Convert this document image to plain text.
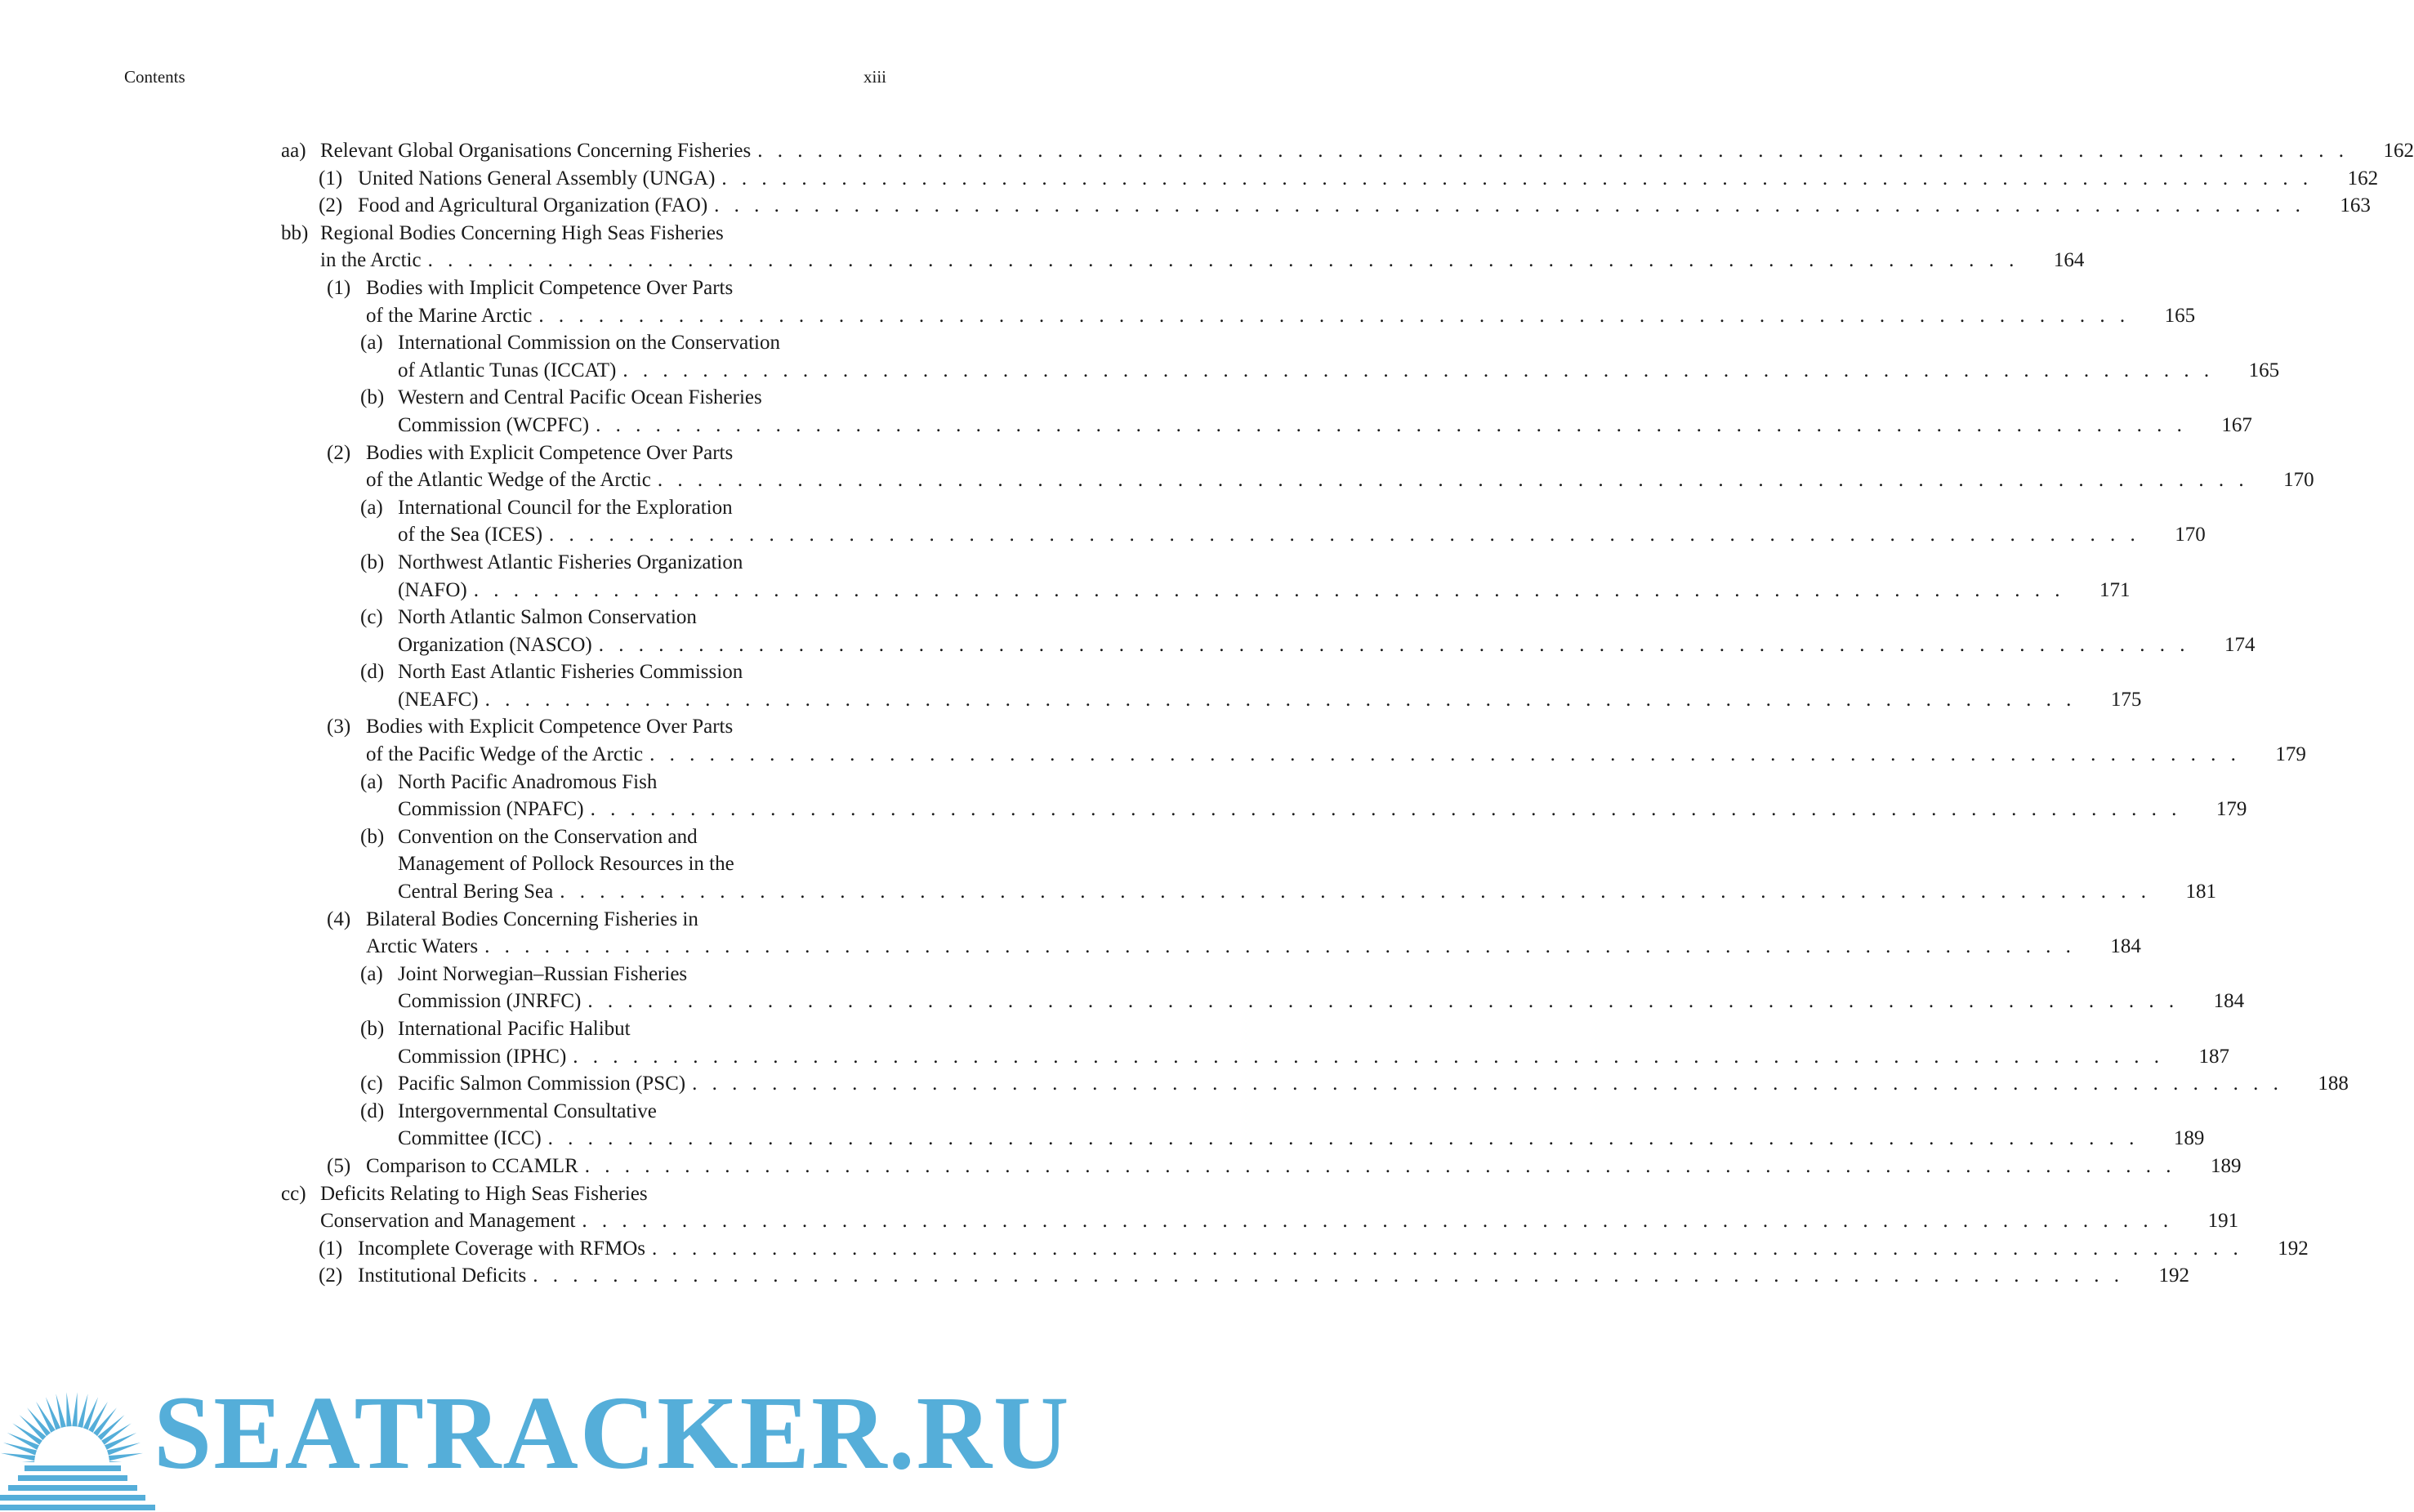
Contents	xiii
aa) Relevant Global Organisations Concerning Fisheries . . . . . . . . . . . . . . . . . . . . . . . . . . . . . . . . . . . . . . . . . . . . . . . . . . . . . . . . . . . . . . . . . . . . . . . . . . . . . . . .	162
(1) United Nations General Assembly (UNGA) . . . . . . . . . . . . . . . . . . . . . . . . . . . . . . . . . . . . . . . . . . . . . . . . . . . . . . . . . . . . . . . . . . . . . . . . . . . . . . . .	162
(2) Food and Agricultural Organization (FAO) . . . . . . . . . . . . . . . . . . . . . . . . . . . . . . . . . . . . . . . . . . . . . . . . . . . . . . . . . . . . . . . . . . . . . . . . . . . . . . . .	163
bb) Regional Bodies Concerning High Seas Fisheries
in the Arctic . . . . . . . . . . . . . . . . . . . . . . . . . . . . . . . . . . . . . . . . . . . . . . . . . . . . . . . . . . . . . . . . . . . . . . . . . . . . . . . .	164
(1) Bodies with Implicit Competence Over Parts
of the Marine Arctic . . . . . . . . . . . . . . . . . . . . . . . . . . . . . . . . . . . . . . . . . . . . . . . . . . . . . . . . . . . . . . . . . . . . . . . . . . . . . . . .	165
(a) International Commission on the Conservation
of Atlantic Tunas (ICCAT) . . . . . . . . . . . . . . . . . . . . . . . . . . . . . . . . . . . . . . . . . . . . . . . . . . . . . . . . . . . . . . . . . . . . . . . . . . . . . . . .	165
(b) Western and Central Pacific Ocean Fisheries
Commission (WCPFC) . . . . . . . . . . . . . . . . . . . . . . . . . . . . . . . . . . . . . . . . . . . . . . . . . . . . . . . . . . . . . . . . . . . . . . . . . . . . . . . .	167
(2) Bodies with Explicit Competence Over Parts
of the Atlantic Wedge of the Arctic . . . . . . . . . . . . . . . . . . . . . . . . . . . . . . . . . . . . . . . . . . . . . . . . . . . . . . . . . . . . . . . . . . . . . . . . . . . . . . . .	170
(a) International Council for the Exploration
of the Sea (ICES) . . . . . . . . . . . . . . . . . . . . . . . . . . . . . . . . . . . . . . . . . . . . . . . . . . . . . . . . . . . . . . . . . . . . . . . . . . . . . . . .	170
(b) Northwest Atlantic Fisheries Organization
(NAFO) . . . . . . . . . . . . . . . . . . . . . . . . . . . . . . . . . . . . . . . . . . . . . . . . . . . . . . . . . . . . . . . . . . . . . . . . . . . . . . . .	171
(c) North Atlantic Salmon Conservation
Organization (NASCO) . . . . . . . . . . . . . . . . . . . . . . . . . . . . . . . . . . . . . . . . . . . . . . . . . . . . . . . . . . . . . . . . . . . . . . . . . . . . . . . .	174
(d) North East Atlantic Fisheries Commission
(NEAFC) . . . . . . . . . . . . . . . . . . . . . . . . . . . . . . . . . . . . . . . . . . . . . . . . . . . . . . . . . . . . . . . . . . . . . . . . . . . . . . . .	175
(3) Bodies with Explicit Competence Over Parts
of the Pacific Wedge of the Arctic . . . . . . . . . . . . . . . . . . . . . . . . . . . . . . . . . . . . . . . . . . . . . . . . . . . . . . . . . . . . . . . . . . . . . . . . . . . . . . . .	179
(a) North Pacific Anadromous Fish
Commission (NPAFC) . . . . . . . . . . . . . . . . . . . . . . . . . . . . . . . . . . . . . . . . . . . . . . . . . . . . . . . . . . . . . . . . . . . . . . . . . . . . . . . .	179
(b) Convention on the Conservation and
Management of Pollock Resources in the
Central Bering Sea . . . . . . . . . . . . . . . . . . . . . . . . . . . . . . . . . . . . . . . . . . . . . . . . . . . . . . . . . . . . . . . . . . . . . . . . . . . . . . . .	181
(4) Bilateral Bodies Concerning Fisheries in
Arctic Waters . . . . . . . . . . . . . . . . . . . . . . . . . . . . . . . . . . . . . . . . . . . . . . . . . . . . . . . . . . . . . . . . . . . . . . . . . . . . . . . .	184
(a) Joint Norwegian–Russian Fisheries
Commission (JNRFC) . . . . . . . . . . . . . . . . . . . . . . . . . . . . . . . . . . . . . . . . . . . . . . . . . . . . . . . . . . . . . . . . . . . . . . . . . . . . . . . .	184
(b) International Pacific Halibut
Commission (IPHC) . . . . . . . . . . . . . . . . . . . . . . . . . . . . . . . . . . . . . . . . . . . . . . . . . . . . . . . . . . . . . . . . . . . . . . . . . . . . . . . .	187
(c) Pacific Salmon Commission (PSC) . . . . . . . . . . . . . . . . . . . . . . . . . . . . . . . . . . . . . . . . . . . . . . . . . . . . . . . . . . . . . . . . . . . . . . . . . . . . . . . .	188
(d) Intergovernmental Consultative
Committee (ICC) . . . . . . . . . . . . . . . . . . . . . . . . . . . . . . . . . . . . . . . . . . . . . . . . . . . . . . . . . . . . . . . . . . . . . . . . . . . . . . . .	189
(5) Comparison to CCAMLR . . . . . . . . . . . . . . . . . . . . . . . . . . . . . . . . . . . . . . . . . . . . . . . . . . . . . . . . . . . . . . . . . . . . . . . . . . . . . . . .	189
cc) Deficits Relating to High Seas Fisheries
Conservation and Management . . . . . . . . . . . . . . . . . . . . . . . . . . . . . . . . . . . . . . . . . . . . . . . . . . . . . . . . . . . . . . . . . . . . . . . . . . . . . . . .	191
(1) Incomplete Coverage with RFMOs . . . . . . . . . . . . . . . . . . . . . . . . . . . . . . . . . . . . . . . . . . . . . . . . . . . . . . . . . . . . . . . . . . . . . . . . . . . . . . . .	192
(2) Institutional Deficits . . . . . . . . . . . . . . . . . . . . . . . . . . . . . . . . . . . . . . . . . . . . . . . . . . . . . . . . . . . . . . . . . . . . . . . . . . . . . . . .	192
SEATRACKER.RU
